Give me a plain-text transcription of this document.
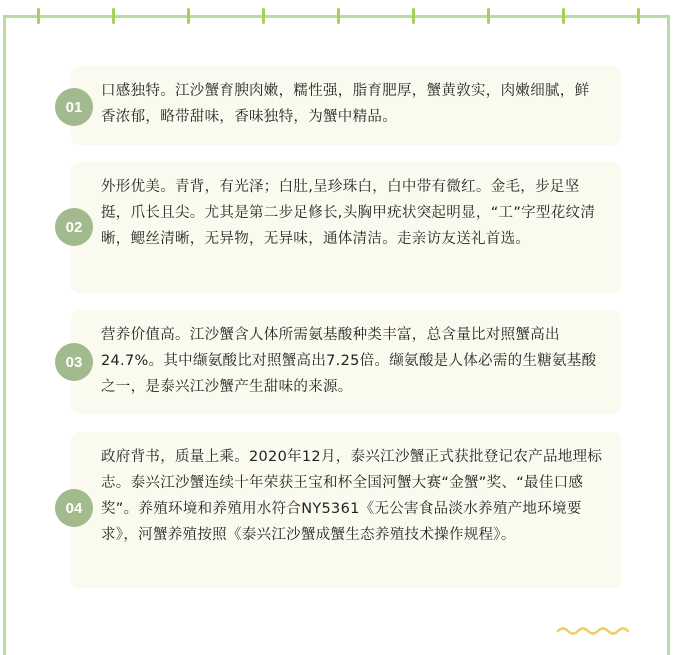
口感独特。江沙蟹育腴肉嫩，糯性强，脂育肥厚，蟹黄敦实，肉嫩细腻，鲜香浓郁，略带甜味，香味独特，为蟹中精品。

01

外形优美。青背，有光泽；白肚,呈珍珠白，白中带有微红。金毛，步足坚挺，爪长且尖。尤其是第二步足修长,头胸甲疣状突起明显，“工”字型花纹清晰，鳃丝清晰，无异物，无异味，通体清洁。走亲访友送礼首选。

02

营养价值高。江沙蟹含人体所需氨基酸种类丰富，总含量比对照蟹高出24.7%。其中缬氨酸比对照蟹高出7.25倍。缬氨酸是人体必需的生糖氨基酸之一，是泰兴江沙蟹产生甜味的来源。

03

政府背书，质量上乘。2020年12月，泰兴江沙蟹正式获批登记农产品地理标志。泰兴江沙蟹连续十年荣获王宝和杯全国河蟹大赛“金蟹”奖、“最佳口感奖”。养殖环境和养殖用水符合NY5361《无公害食品淡水养殖产地环境要求》，河蟹养殖按照《泰兴江沙蟹成蟹生态养殖技术操作规程》。

04
